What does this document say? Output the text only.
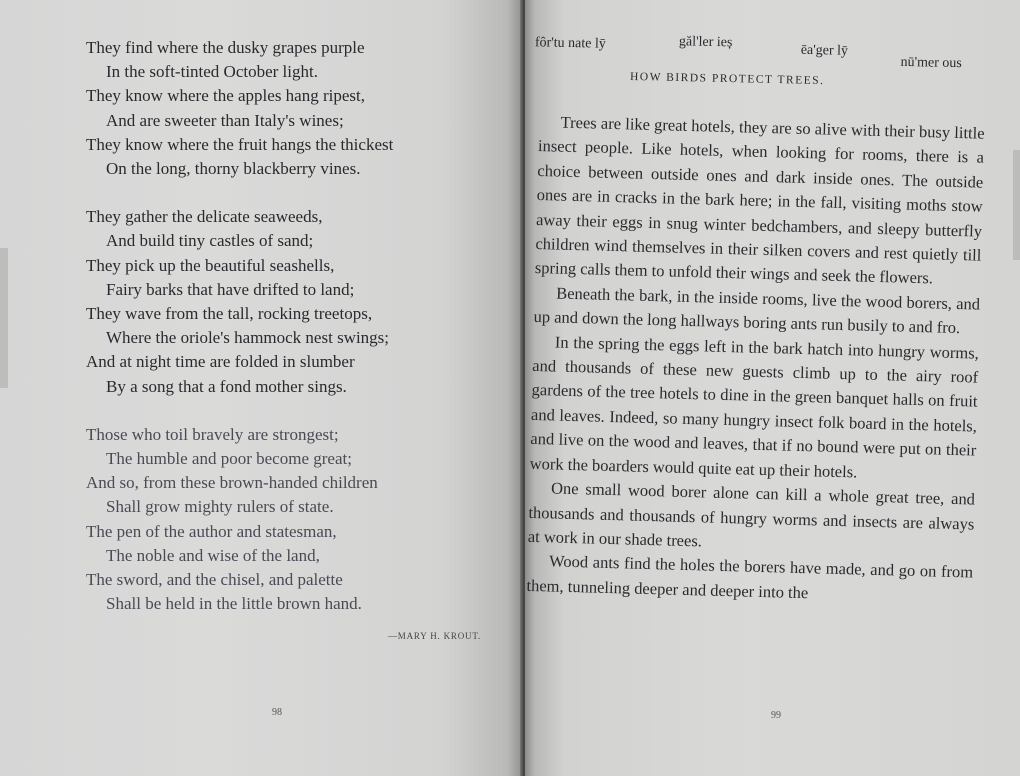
They find where the dusky grapes purple
In the soft-tinted October light.
They know where the apples hang ripest,
And are sweeter than Italy's wines;
They know where the fruit hangs the thickest
On the long, thorny blackberry vines.
They gather the delicate seaweeds,
And build tiny castles of sand;
They pick up the beautiful seashells,
Fairy barks that have drifted to land;
They wave from the tall, rocking treetops,
Where the oriole's hammock nest swings;
And at night time are folded in slumber
By a song that a fond mother sings.
Those who toil bravely are strongest;
The humble and poor become great;
And so, from these brown-handed children
Shall grow mighty rulers of state.
The pen of the author and statesman,
The noble and wise of the land,
The sword, and the chisel, and palette
Shall be held in the little brown hand.
—MARY H. KROUT.
98
fôr'tu nate lȳ	găl'ler ieș
ēa'ger lȳ
nū'mer ous
HOW BIRDS PROTECT TREES.

Trees are like great hotels, they are so alive with their busy little insect people. Like hotels, when looking for rooms, there is a choice between outside ones and dark inside ones. The outside ones are in cracks in the bark here; in the fall, visiting moths stow away their eggs in snug winter bedchambers, and sleepy butterfly children wind themselves in their silken covers and rest quietly till spring calls them to unfold their wings and seek the flowers.

Beneath the bark, in the inside rooms, live the wood borers, and up and down the long hallways boring ants run busily to and fro.

In the spring the eggs left in the bark hatch into hungry worms, and thousands of these new guests climb up to the airy roof gardens of the tree hotels to dine in the green banquet halls on fruit and leaves. Indeed, so many hungry insect folk board in the hotels, and live on the wood and leaves, that if no bound were put on their work the boarders would quite eat up their hotels.

One small wood borer alone can kill a whole great tree, and thousands and thousands of hungry worms and insects are always at work in our shade trees.

Wood ants find the holes the borers have made, and go on from them, tunneling deeper and deeper into the

99
